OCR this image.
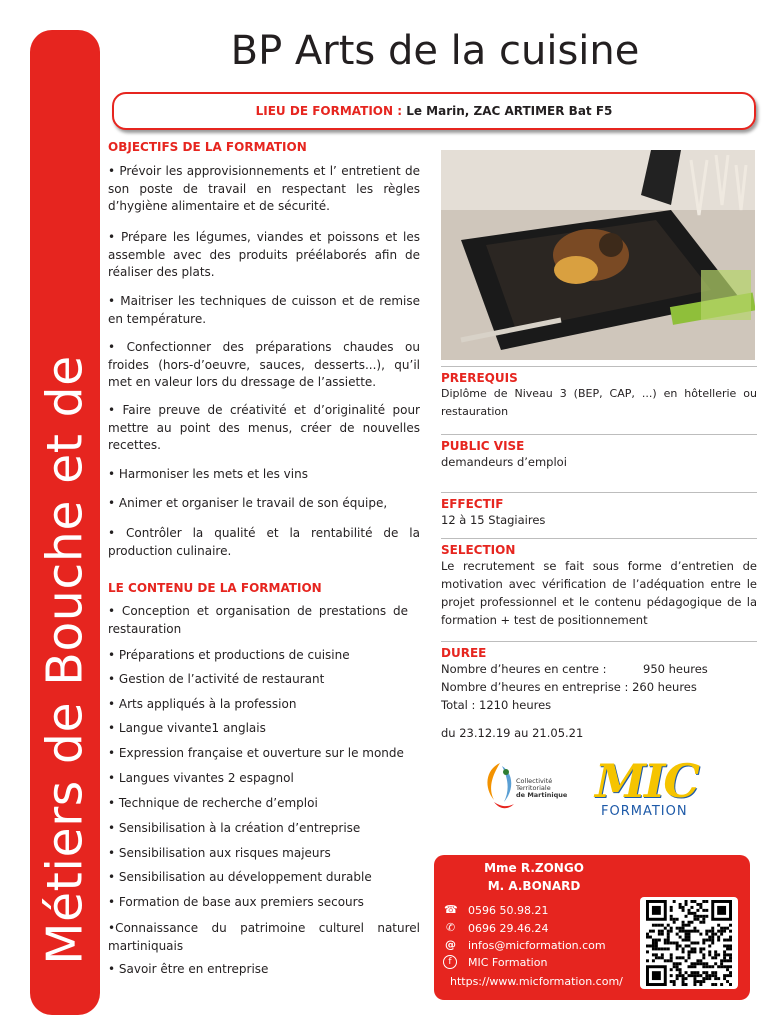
Métiers de Bouche et de
BP Arts de la cuisine
LIEU DE FORMATION : Le Marin, ZAC ARTIMER Bat F5
OBJECTIFS DE LA FORMATION
• Prévoir les approvisionnements et l’ entretient de son poste de travail en respectant les règles d’hygiène alimentaire et de sécurité.
• Prépare les légumes, viandes et poissons et les assemble avec des produits préélaborés afin de réaliser des plats.
• Maitriser les techniques de cuisson et de remise en température.
• Confectionner des préparations chaudes ou froides (hors-d’oeuvre, sauces, desserts...), qu’il met en valeur lors du dressage de l’assiette.
• Faire preuve de créativité et d’originalité pour mettre au point des menus, créer de nouvelles recettes.
• Harmoniser les mets et les vins
• Animer et organiser le travail de son équipe,
• Contrôler la qualité et la rentabilité de la production culinaire.
LE CONTENU DE LA FORMATION
• Conception et organisation de prestations de restauration
• Préparations et productions de cuisine
• Gestion de l’activité de restaurant
• Arts appliqués à la profession
• Langue vivante1 anglais
• Expression française et ouverture sur le monde
• Langues vivantes 2 espagnol
• Technique de recherche d’emploi
• Sensibilisation à la création d’entreprise
• Sensibilisation aux risques majeurs
• Sensibilisation au développement durable
• Formation de base aux premiers secours
•Connaissance du patrimoine culturel naturel martiniquais
• Savoir être en entreprise
PREREQUIS
Diplôme de Niveau 3 (BEP, CAP, ...) en hôtellerie ou restauration
PUBLIC VISE
demandeurs d’emploi
EFFECTIF
12 à 15 Stagiaires
SELECTION
Le recrutement se fait sous forme d’entretien de motivation avec vérification de l’adéquation entre le projet professionnel et le contenu pédagogique de la formation + test de positionnement
DUREE
Nombre d’heures en centre :	950 heures
Nombre d’heures en entreprise : 260 heures
Total : 1210 heures
du 23.12.19 au 21.05.21
Collectivité
Territoriale
de Martinique MIC
FORMATION
Mme R.ZONGO
M. A.BONARD
☎ 0596 50.98.21
✆ 0696 29.46.24
@ infos@micformation.com
f	MIC Formation
https://www.micformation.com/
